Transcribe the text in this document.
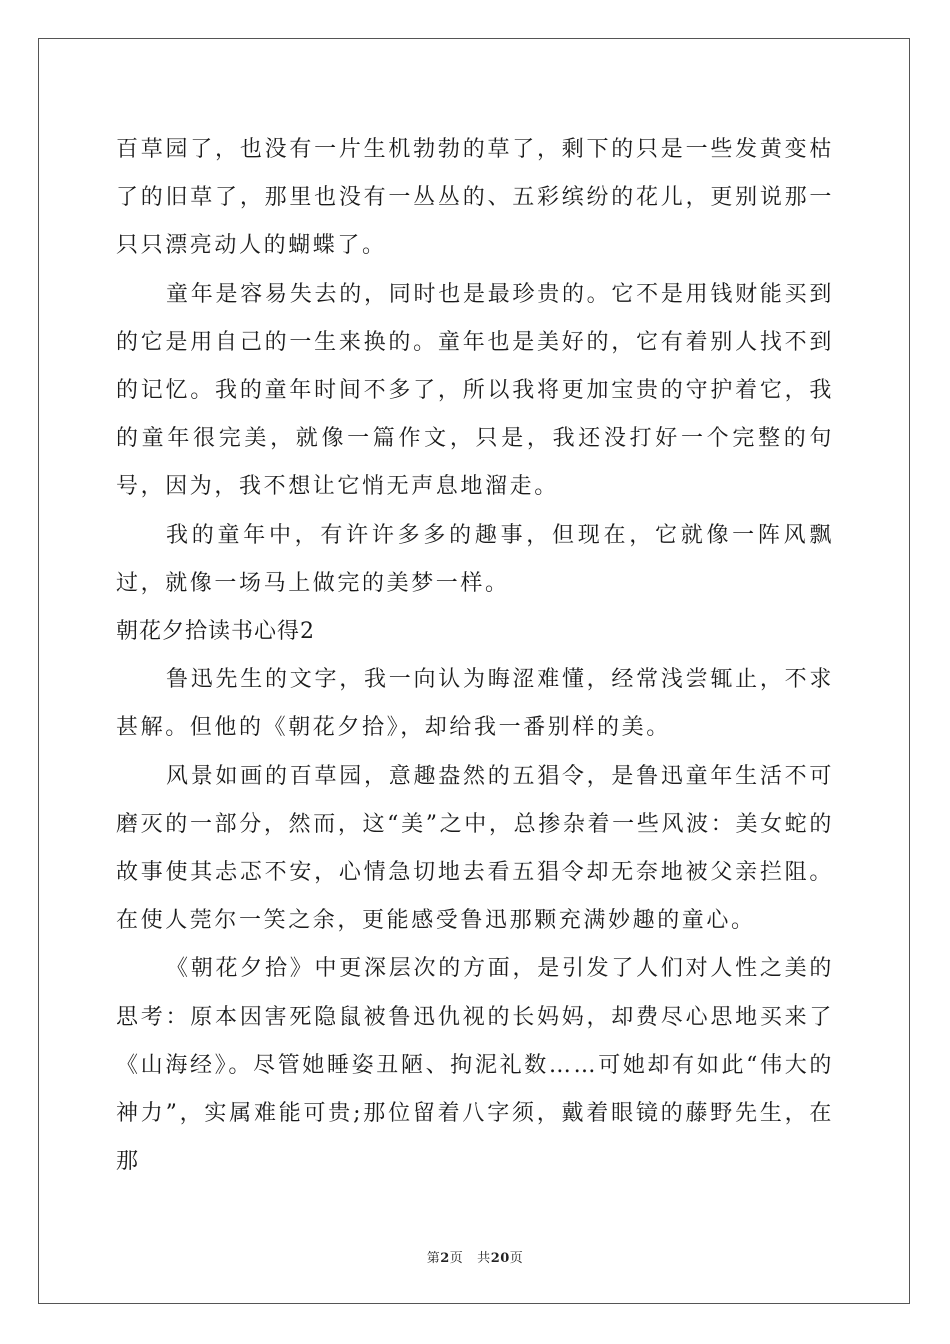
百草园了，也没有一片生机勃勃的草了，剩下的只是一些发黄变枯了的旧草了，那里也没有一丛丛的、五彩缤纷的花儿，更别说那一只只漂亮动人的蝴蝶了。

童年是容易失去的，同时也是最珍贵的。它不是用钱财能买到的它是用自己的一生来换的。童年也是美好的，它有着别人找不到的记忆。我的童年时间不多了，所以我将更加宝贵的守护着它，我的童年很完美，就像一篇作文，只是，我还没打好一个完整的句号，因为，我不想让它悄无声息地溜走。

我的童年中，有许许多多的趣事，但现在，它就像一阵风飘过，就像一场马上做完的美梦一样。

朝花夕拾读书心得2

鲁迅先生的文字，我一向认为晦涩难懂，经常浅尝辄止，不求甚解。但他的《朝花夕拾》，却给我一番别样的美。

风景如画的百草园，意趣盎然的五猖令，是鲁迅童年生活不可磨灭的一部分，然而，这“美”之中，总掺杂着一些风波：美女蛇的故事使其忐忑不安，心情急切地去看五猖令却无奈地被父亲拦阻。在使人莞尔一笑之余，更能感受鲁迅那颗充满妙趣的童心。

《朝花夕拾》中更深层次的方面，是引发了人们对人性之美的思考：原本因害死隐鼠被鲁迅仇视的长妈妈，却费尽心思地买来了《山海经》。尽管她睡姿丑陋、拘泥礼数……可她却有如此“伟大的神力”，实属难能可贵;那位留着八字须，戴着眼镜的藤野先生，在那

第2页 共20页
